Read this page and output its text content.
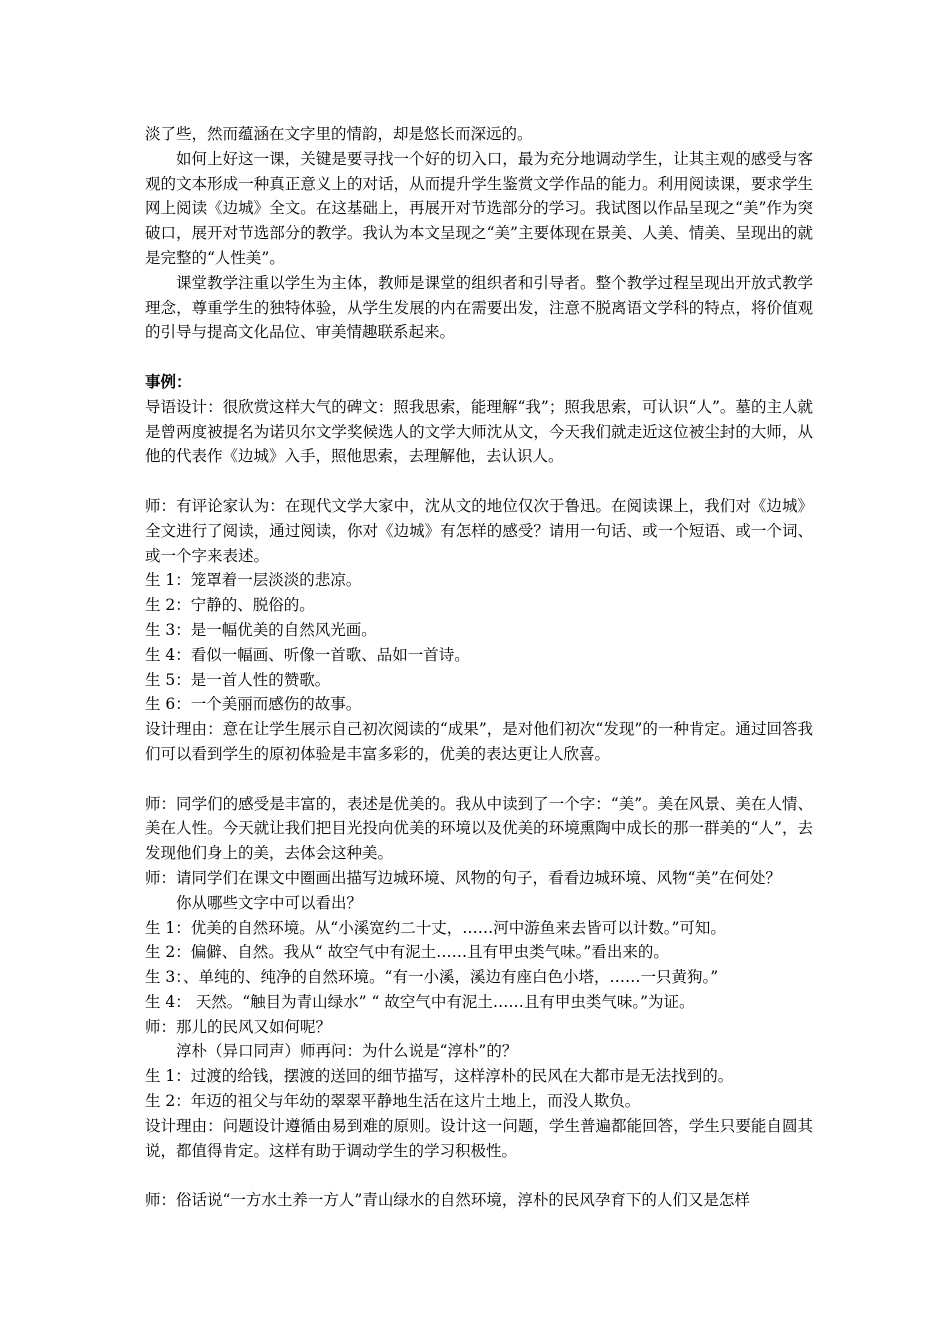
淡了些，然而蕴涵在文字里的情韵，却是悠长而深远的。

如何上好这一课，关键是要寻找一个好的切入口，最为充分地调动学生，让其主观的感受与客观的文本形成一种真正意义上的对话，从而提升学生鉴赏文学作品的能力。利用阅读课，要求学生网上阅读《边城》全文。在这基础上，再展开对节选部分的学习。我试图以作品呈现之“美”作为突破口，展开对节选部分的教学。我认为本文呈现之“美”主要体现在景美、人美、情美、呈现出的就是完整的“人性美”。

课堂教学注重以学生为主体，教师是课堂的组织者和引导者。整个教学过程呈现出开放式教学理念，尊重学生的独特体验，从学生发展的内在需要出发，注意不脱离语文学科的特点，将价值观的引导与提高文化品位、审美情趣联系起来。

事例：

导语设计：很欣赏这样大气的碑文：照我思索，能理解“我”；照我思索，可认识“人”。墓的主人就是曾两度被提名为诺贝尔文学奖候选人的文学大师沈从文，今天我们就走近这位被尘封的大师，从他的代表作《边城》入手，照他思索，去理解他，去认识人。

师：有评论家认为：在现代文学大家中，沈从文的地位仅次于鲁迅。在阅读课上，我们对《边城》全文进行了阅读，通过阅读，你对《边城》有怎样的感受？请用一句话、或一个短语、或一个词、或一个字来表述。

生 1：笼罩着一层淡淡的悲凉。

生 2：宁静的、脱俗的。

生 3：是一幅优美的自然风光画。

生 4：看似一幅画、听像一首歌、品如一首诗。

生 5：是一首人性的赞歌。

生 6：一个美丽而感伤的故事。

设计理由：意在让学生展示自己初次阅读的“成果”，是对他们初次“发现”的一种肯定。通过回答我们可以看到学生的原初体验是丰富多彩的，优美的表达更让人欣喜。

师：同学们的感受是丰富的，表述是优美的。我从中读到了一个字：“美”。美在风景、美在人情、美在人性。今天就让我们把目光投向优美的环境以及优美的环境熏陶中成长的那一群美的“人”，去发现他们身上的美，去体会这种美。

师：请同学们在课文中圈画出描写边城环境、风物的句子，看看边城环境、风物“美”在何处？

你从哪些文字中可以看出？

生 1：优美的自然环境。从“小溪宽约二十丈，……河中游鱼来去皆可以计数。”可知。

生 2：偏僻、自然。我从“ 故空气中有泥土……且有甲虫类气味。”看出来的。

生 3：、单纯的、纯净的自然环境。“有一小溪，溪边有座白色小塔，……一只黄狗。”

生 4： 天然。“触目为青山绿水” “ 故空气中有泥土……且有甲虫类气味。”为证。

师：那儿的民风又如何呢？

淳朴（异口同声）师再问：为什么说是“淳朴”的？

生 1：过渡的给钱，摆渡的送回的细节描写，这样淳朴的民风在大都市是无法找到的。

生 2：年迈的祖父与年幼的翠翠平静地生活在这片土地上，而没人欺负。

设计理由：问题设计遵循由易到难的原则。设计这一问题，学生普遍都能回答，学生只要能自圆其说，都值得肯定。这样有助于调动学生的学习积极性。

师：俗话说“一方水土养一方人”青山绿水的自然环境，淳朴的民风孕育下的人们又是怎样
